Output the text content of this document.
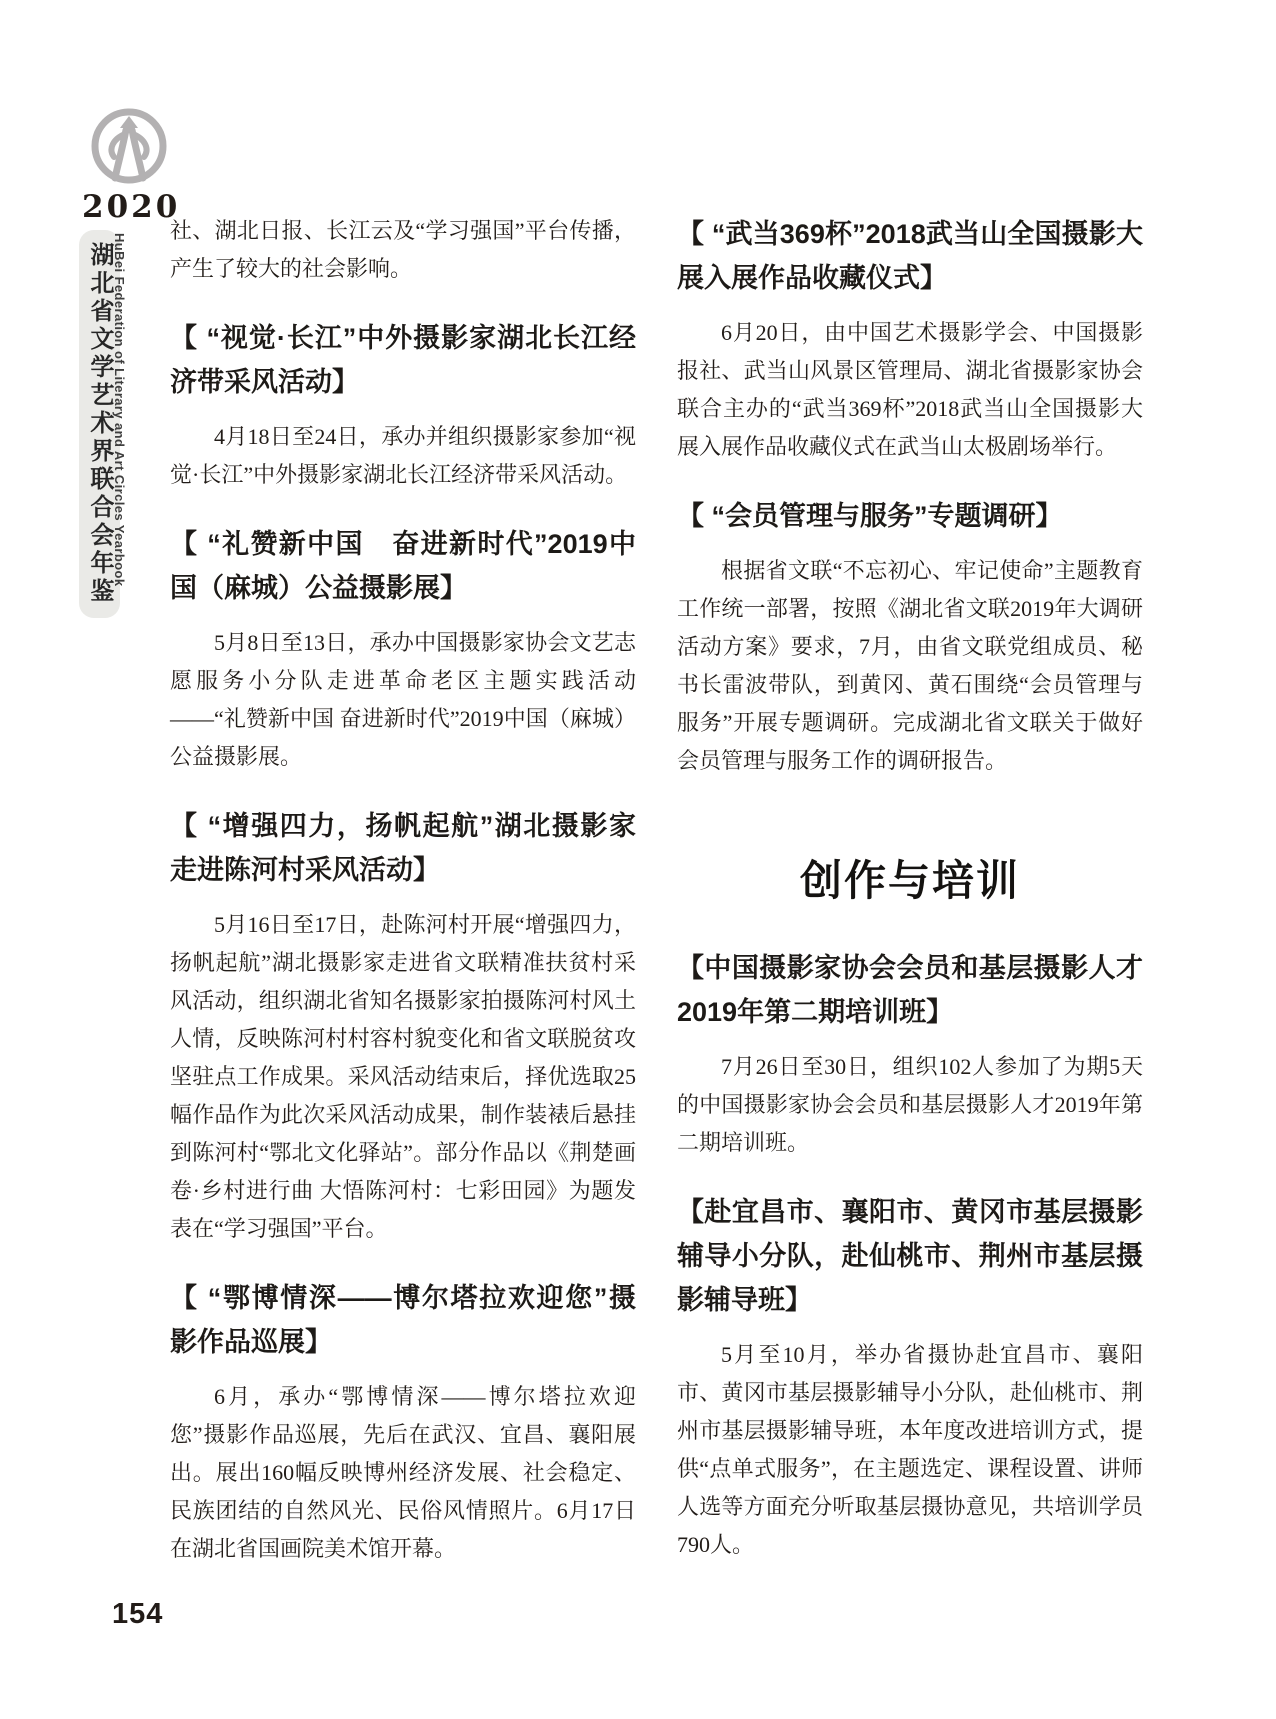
2020
湖北省文学艺术界联合会年鉴 HuBei Federation of Literary and Art Circles Yearbook

社、湖北日报、长江云及“学习强国”平台传播，产生了较大的社会影响。

【 “视觉·长江”中外摄影家湖北长江经济带采风活动】

4月18日至24日，承办并组织摄影家参加“视觉·长江”中外摄影家湖北长江经济带采风活动。

【 “礼赞新中国　奋进新时代”2019中国（麻城）公益摄影展】

5月8日至13日，承办中国摄影家协会文艺志愿服务小分队走进革命老区主题实践活动——“礼赞新中国 奋进新时代”2019中国（麻城）公益摄影展。

【 “增强四力，扬帆起航”湖北摄影家走进陈河村采风活动】

5月16日至17日，赴陈河村开展“增强四力，扬帆起航”湖北摄影家走进省文联精准扶贫村采风活动，组织湖北省知名摄影家拍摄陈河村风土人情，反映陈河村村容村貌变化和省文联脱贫攻坚驻点工作成果。采风活动结束后，择优选取25幅作品作为此次采风活动成果，制作装裱后悬挂到陈河村“鄂北文化驿站”。部分作品以《荆楚画卷·乡村进行曲 大悟陈河村：七彩田园》为题发表在“学习强国”平台。

【 “鄂博情深——博尔塔拉欢迎您”摄影作品巡展】

6月，承办“鄂博情深——博尔塔拉欢迎您”摄影作品巡展，先后在武汉、宜昌、襄阳展出。展出160幅反映博州经济发展、社会稳定、民族团结的自然风光、民俗风情照片。6月17日在湖北省国画院美术馆开幕。

【 “武当369杯”2018武当山全国摄影大展入展作品收藏仪式】

6月20日，由中国艺术摄影学会、中国摄影报社、武当山风景区管理局、湖北省摄影家协会联合主办的“武当369杯”2018武当山全国摄影大展入展作品收藏仪式在武当山太极剧场举行。

【 “会员管理与服务”专题调研】

根据省文联“不忘初心、牢记使命”主题教育工作统一部署，按照《湖北省文联2019年大调研活动方案》要求，7月，由省文联党组成员、秘书长雷波带队，到黄冈、黄石围绕“会员管理与服务”开展专题调研。完成湖北省文联关于做好会员管理与服务工作的调研报告。

创作与培训
【中国摄影家协会会员和基层摄影人才2019年第二期培训班】

7月26日至30日，组织102人参加了为期5天的中国摄影家协会会员和基层摄影人才2019年第二期培训班。

【赴宜昌市、襄阳市、黄冈市基层摄影辅导小分队，赴仙桃市、荆州市基层摄影辅导班】

5月至10月，举办省摄协赴宜昌市、襄阳市、黄冈市基层摄影辅导小分队，赴仙桃市、荆州市基层摄影辅导班，本年度改进培训方式，提供“点单式服务”，在主题选定、课程设置、讲师人选等方面充分听取基层摄协意见，共培训学员790人。

154
